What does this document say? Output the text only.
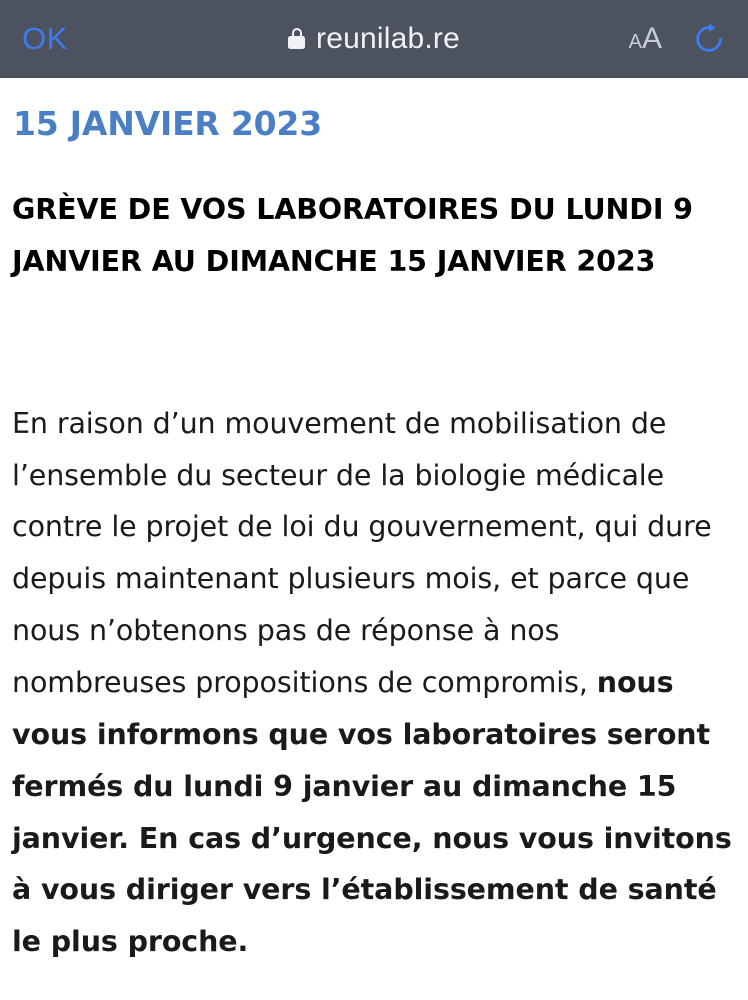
OK	reunilab.re	AA
15 JANVIER 2023
GRÈVE DE VOS LABORATOIRES DU LUNDI 9 JANVIER AU DIMANCHE 15 JANVIER 2023

En raison d’un mouvement de mobilisation de l’ensemble du secteur de la biologie médicale contre le projet de loi du gouvernement, qui dure depuis maintenant plusieurs mois, et parce que nous n’obtenons pas de réponse à nos nombreuses propositions de compromis, nous vous informons que vos laboratoires seront fermés du lundi 9 janvier au dimanche 15 janvier. En cas d’urgence, nous vous invitons à vous diriger vers l’établissement de santé le plus proche.
